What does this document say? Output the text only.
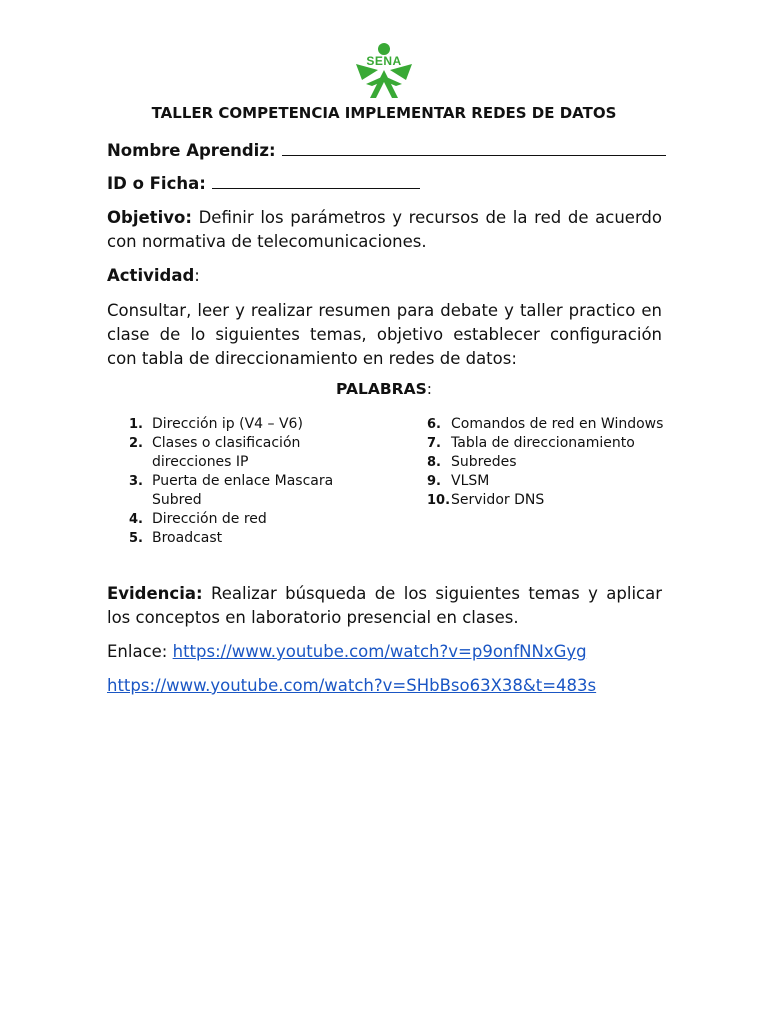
SENA
TALLER COMPETENCIA IMPLEMENTAR REDES DE DATOS
Nombre Aprendiz:
ID o Ficha:
Objetivo: Definir los parámetros y recursos de la red de acuerdo con normativa de telecomunicaciones.
Actividad:
Consultar, leer y realizar resumen para debate y taller practico en clase de lo siguientes temas, objetivo establecer configuración con tabla de direccionamiento en redes de datos:
PALABRAS:
1. Dirección ip (V4 – V6)
2. Clases o clasificación direcciones IP
3. Puerta de enlace Mascara Subred
4. Dirección de red
5. Broadcast
6. Comandos de red en Windows
7. Tabla de direccionamiento
8. Subredes
9. VLSM
10. Servidor DNS
Evidencia: Realizar búsqueda de los siguientes temas y aplicar los conceptos en laboratorio presencial en clases.
Enlace: https://www.youtube.com/watch?v=p9onfNNxGyg
https://www.youtube.com/watch?v=SHbBso63X38&t=483s
